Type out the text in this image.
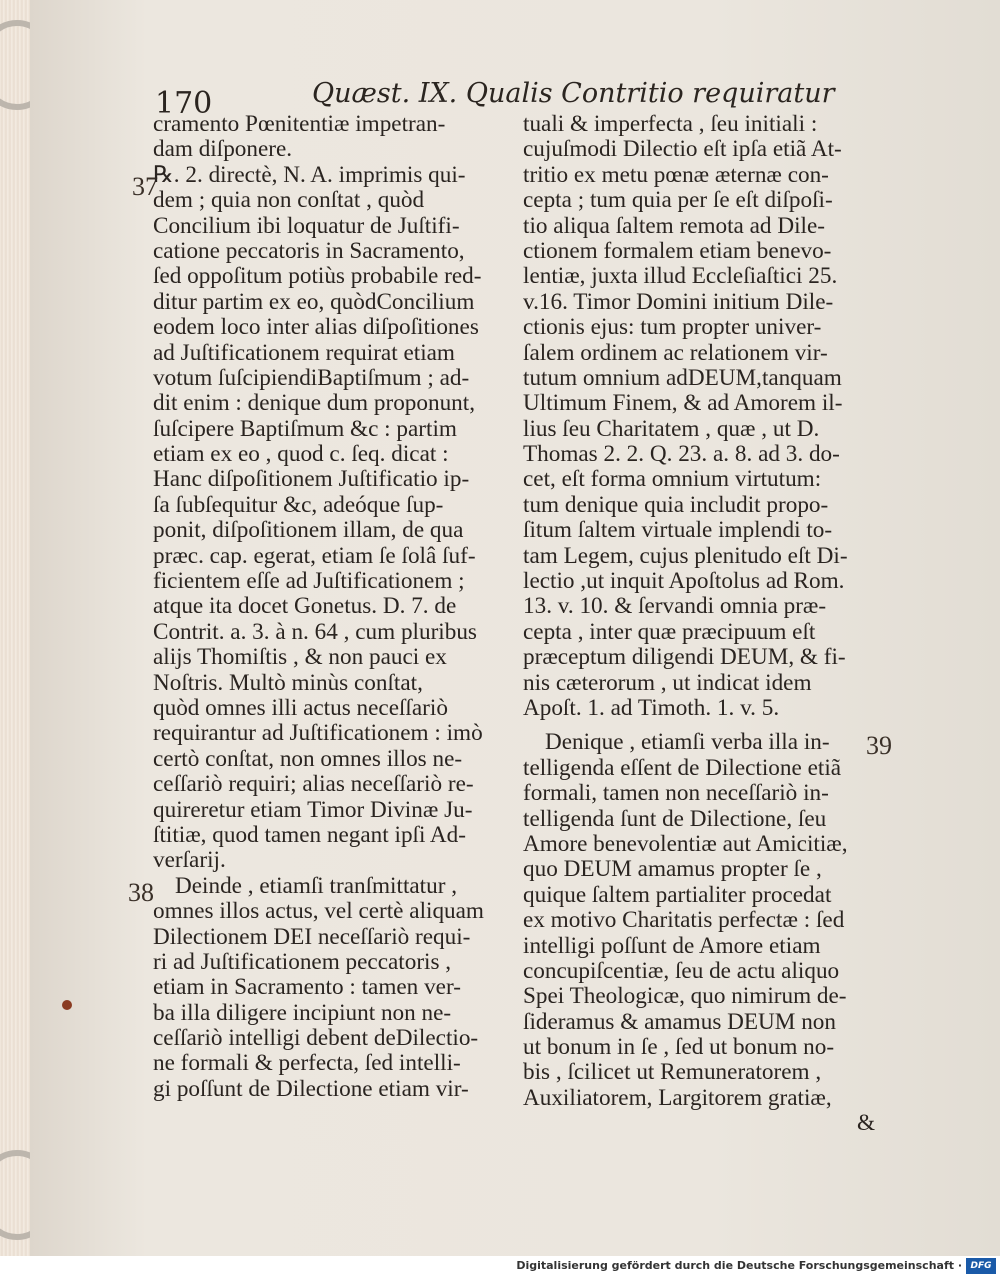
170	Quæst. IX. Qualis Contritio requiratur
37
38
39
cramento Pœnitentiæ impetran-
dam diſponere.
℞. 2. directè, N. A. imprimis qui-
dem ; quia non conſtat , quòd
Concilium ibi loquatur de Juſtifi-
catione peccatoris in Sacramento,
ſed oppoſitum potiùs probabile red-
ditur partim ex eo, quòdConcilium
eodem loco inter alias diſpoſitiones
ad Juſtificationem requirat etiam
votum ſuſcipiendiBaptiſmum ; ad-
dit enim : denique dum proponunt,
ſuſcipere Baptiſmum &c : partim
etiam ex eo , quod c. ſeq. dicat :
Hanc diſpoſitionem Juſtificatio ip-
ſa ſubſequitur &c, adeóque ſup-
ponit, diſpoſitionem illam, de qua
præc. cap. egerat, etiam ſe ſolâ ſuf-
ficientem eſſe ad Juſtificationem ;
atque ita docet Gonetus. D. 7. de
Contrit. a. 3. à n. 64 , cum pluribus
alijs Thomiſtis , & non pauci ex
Noſtris. Multò minùs conſtat,
quòd omnes illi actus neceſſariò
requirantur ad Juſtificationem : imò
certò conſtat, non omnes illos ne-
ceſſariò requiri; alias neceſſariò re-
quireretur etiam Timor Divinæ Ju-
ſtitiæ, quod tamen negant ipſi Ad-
verſarij.
Deinde , etiamſi tranſmittatur ,
omnes illos actus, vel certè aliquam
Dilectionem DEI neceſſariò requi-
ri ad Juſtificationem peccatoris ,
etiam in Sacramento : tamen ver-
ba illa diligere incipiunt non ne-
ceſſariò intelligi debent deDilectio-
ne formali & perfecta, ſed intelli-
gi poſſunt de Dilectione etiam vir-
tuali & imperfecta , ſeu initiali :
cujuſmodi Dilectio eſt ipſa etiã At-
tritio ex metu pœnæ æternæ con-
cepta ; tum quia per ſe eſt diſpoſi-
tio aliqua ſaltem remota ad Dile-
ctionem formalem etiam benevo-
lentiæ, juxta illud Eccleſiaſtici 25.
v.16. Timor Domini initium Dile-
ctionis ejus: tum propter univer-
ſalem ordinem ac relationem vir-
tutum omnium adDEUM,tanquam
Ultimum Finem, & ad Amorem il-
lius ſeu Charitatem , quæ , ut D.
Thomas 2. 2. Q. 23. a. 8. ad 3. do-
cet, eſt forma omnium virtutum:
tum denique quia includit propo-
ſitum ſaltem virtuale implendi to-
tam Legem, cujus plenitudo eſt Di-
lectio ,ut inquit Apoſtolus ad Rom.
13. v. 10. & ſervandi omnia præ-
cepta , inter quæ præcipuum eſt
præceptum diligendi DEUM, & fi-
nis cæterorum , ut indicat idem
Apoſt. 1. ad Timoth. 1. v. 5.
Denique , etiamſi verba illa in-
telligenda eſſent de Dilectione etiã
formali, tamen non neceſſariò in-
telligenda ſunt de Dilectione, ſeu
Amore benevolentiæ aut Amicitiæ,
quo DEUM amamus propter ſe ,
quique ſaltem partialiter procedat
ex motivo Charitatis perfectæ : ſed
intelligi poſſunt de Amore etiam
concupiſcentiæ, ſeu de actu aliquo
Spei Theologicæ, quo nimirum de-
ſideramus & amamus DEUM non
ut bonum in ſe , ſed ut bonum no-
bis , ſcilicet ut Remuneratorem ,
Auxiliatorem, Largitorem gratiæ,
&
Digitalisierung gefördert durch die Deutsche Forschungsgemeinschaft · DFG
